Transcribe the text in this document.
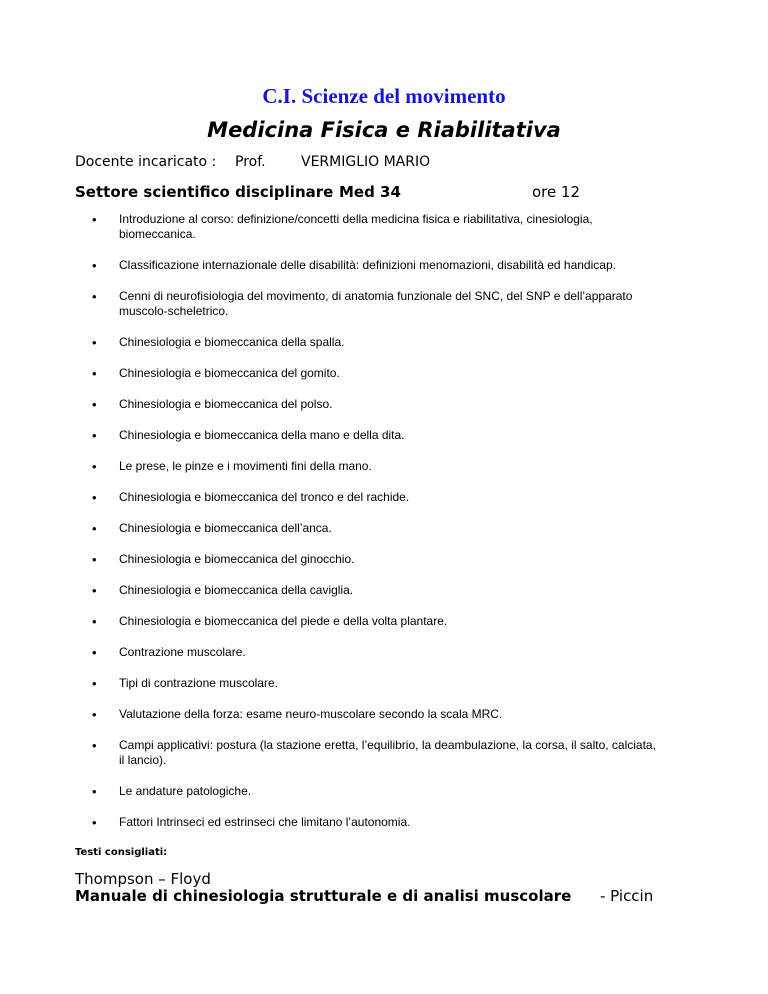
C.I. Scienze del movimento
Medicina Fisica e Riabilitativa

Docente incaricato :

Prof.

	VERMIGLIO MARIO

Settore scientifico disciplinare Med 34	ore 12
• Introduzione al corso: definizione/concetti della medicina fisica e riabilitativa, cinesiologia, biomeccanica.
• Classificazione internazionale delle disabilità: definizioni menomazioni, disabilità ed handicap.
• Cenni di neurofisiologia del movimento, di anatomia funzionale del SNC, del SNP e dell’apparato muscolo-scheletrico.
• Chinesiologia e biomeccanica della spalla.
• Chinesiologia e biomeccanica del gomito.
• Chinesiologia e biomeccanica del polso.
• Chinesiologia e biomeccanica della mano e della dita.
• Le prese, le pinze e i movimenti fini della mano.
• Chinesiologia e biomeccanica del tronco e del rachide.
• Chinesiologia e biomeccanica dell’anca.
• Chinesiologia e biomeccanica del ginocchio.
• Chinesiologia e biomeccanica della caviglia.
• Chinesiologia e biomeccanica del piede e della volta plantare.
• Contrazione muscolare.
• Tipi di contrazione muscolare.
• Valutazione della forza: esame neuro-muscolare secondo la scala MRC.
• Campi applicativi: postura (la stazione eretta, l’equilibrio, la deambulazione, la corsa, il salto, calciata, il lancio).
• Le andature patologiche.
• Fattori Intrinseci ed estrinseci che limitano l’autonomia.
Testi consigliati:
Thompson – Floyd
Manuale di chinesiologia strutturale e di analisi muscolare - Piccin
